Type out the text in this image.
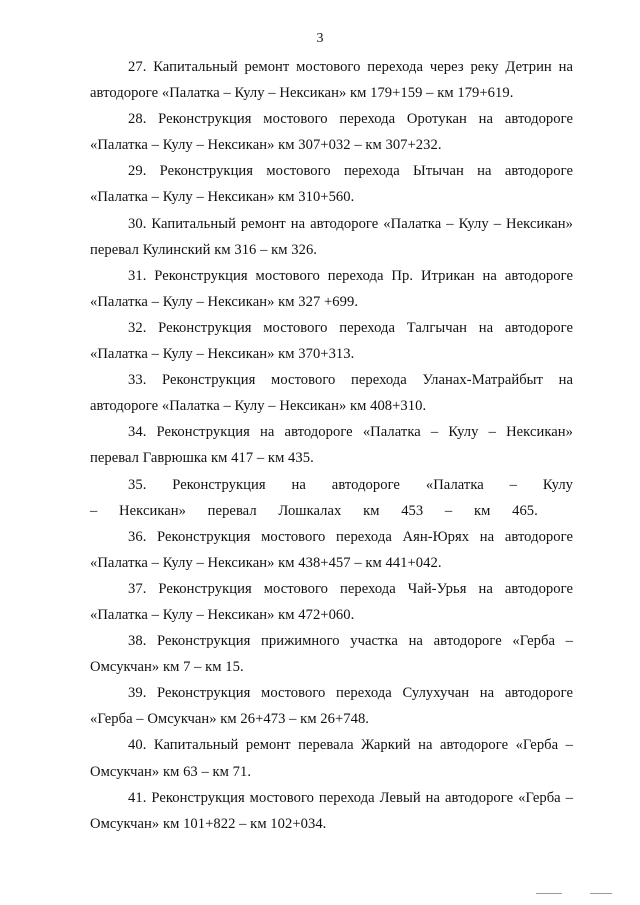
3

27. Капитальный ремонт мостового перехода через реку Детрин на автодороге «Палатка – Кулу – Нексикан» км 179+159 – км 179+619.

28. Реконструкция мостового перехода Оротукан на автодороге «Палатка – Кулу – Нексикан» км 307+032 – км 307+232.

29. Реконструкция мостового перехода Ытычан на автодороге «Палатка – Кулу – Нексикан» км 310+560.

30. Капитальный ремонт на автодороге «Палатка – Кулу – Нексикан» перевал Кулинский км 316 – км 326.

31. Реконструкция мостового перехода Пр. Итрикан на автодороге «Палатка – Кулу – Нексикан» км 327 +699.

32. Реконструкция мостового перехода Талгычан на автодороге «Палатка – Кулу – Нексикан» км 370+313.

33. Реконструкция мостового перехода Уланах-Матрайбыт на автодороге «Палатка – Кулу – Нексикан» км 408+310.

34. Реконструкция на автодороге «Палатка – Кулу – Нексикан» перевал Гаврюшка км 417 – км 435.

35. Реконструкция на автодороге «Палатка – Кулу – Нексикан» перевал Лошкалах км 453 – км 465.

36. Реконструкция мостового перехода Аян-Юрях на автодороге «Палатка – Кулу – Нексикан» км 438+457 – км 441+042.

37. Реконструкция мостового перехода Чай-Урья на автодороге «Палатка – Кулу – Нексикан» км 472+060.

38. Реконструкция прижимного участка на автодороге «Герба – Омсукчан» км 7 – км 15.

39. Реконструкция мостового перехода Сулухучан на автодороге «Герба – Омсукчан» км 26+473 – км 26+748.

40. Капитальный ремонт перевала Жаркий на автодороге «Герба – Омсукчан» км 63 – км 71.

41. Реконструкция мостового перехода Левый на автодороге «Герба – Омсукчан» км 101+822 – км 102+034.
